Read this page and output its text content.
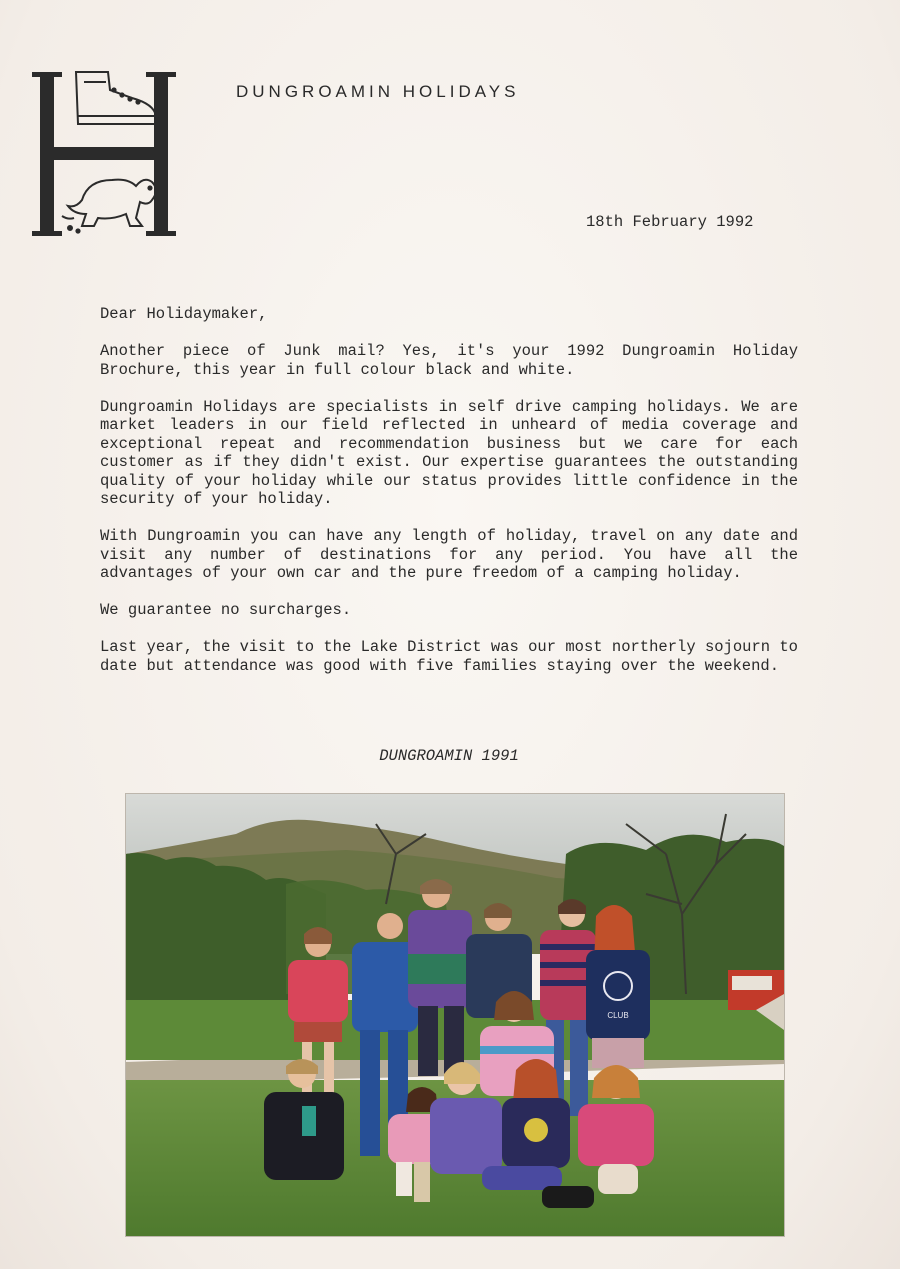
DUNGROAMIN HOLIDAYS
18th February 1992

Dear Holidaymaker,

Another piece of Junk mail? Yes, it's your 1992 Dungroamin Holiday Brochure, this year in full colour black and white.

Dungroamin Holidays are specialists in self drive camping holidays. We are market leaders in our field reflected in unheard of media coverage and exceptional repeat and recommendation business but we care for each customer as if they didn't exist. Our expertise guarantees the outstanding quality of your holiday while our status provides little confidence in the security of your holiday.

With Dungroamin you can have any length of holiday, travel on any date and visit any number of destinations for any period. You have all the advantages of your own car and the pure freedom of a camping holiday.

We guarantee no surcharges.

Last year, the visit to the Lake District was our most northerly sojourn to date but attendance was good with five families staying over the weekend.

DUNGROAMIN 1991
CLUB
